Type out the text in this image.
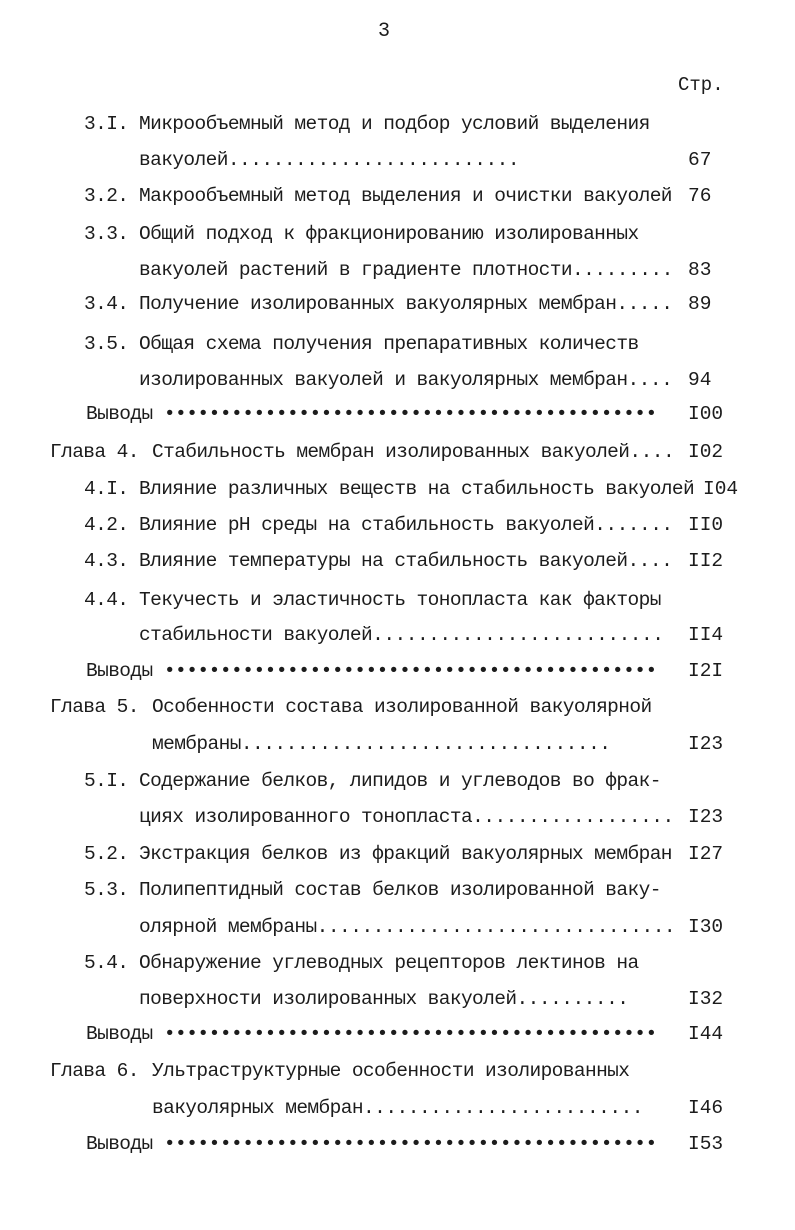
3
Стр.
3.I. Микрообъемный метод и подбор условий выделения
вакуолей..........................	67
3.2. Макрообъемный метод выделения и очистки вакуолей 76
3.3. Общий подход к фракционированию изолированных
вакуолей растений в градиенте плотности......... 83
3.4. Получение изолированных вакуолярных мембран..... 89
3.5. Общая схема получения препаративных количеств
изолированных вакуолей и вакуолярных мембран.... 94
Выводы •••••••••••••••••••••••••••••••••••••••••••• I00
Глава 4. Стабильность мембран изолированных вакуолей.... I02
4.I. Влияние различных веществ на стабильность вакуолей I04
4.2. Влияние pH среды на стабильность вакуолей....... II0
4.3. Влияние температуры на стабильность вакуолей.... II2
4.4. Текучесть и эластичность тонопласта как факторы
стабильности вакуолей.......................... II4
Выводы •••••••••••••••••••••••••••••••••••••••••••• I2I
Глава 5. Особенности состава изолированной вакуолярной
мембраны.................................	I23
5.I. Содержание белков, липидов и углеводов во фрак-
циях изолированного тонопласта.................. I23
5.2. Экстракция белков из фракций вакуолярных мембран I27
5.3. Полипептидный состав белков изолированной ваку-
олярной мембраны................................ I30
5.4. Обнаружение углеводных рецепторов лектинов на
поверхности изолированных вакуолей..........	I32
Выводы •••••••••••••••••••••••••••••••••••••••••••• I44
Глава 6. Ультраструктурные особенности изолированных
вакуолярных мембран......................... I46
Выводы •••••••••••••••••••••••••••••••••••••••••••• I53
